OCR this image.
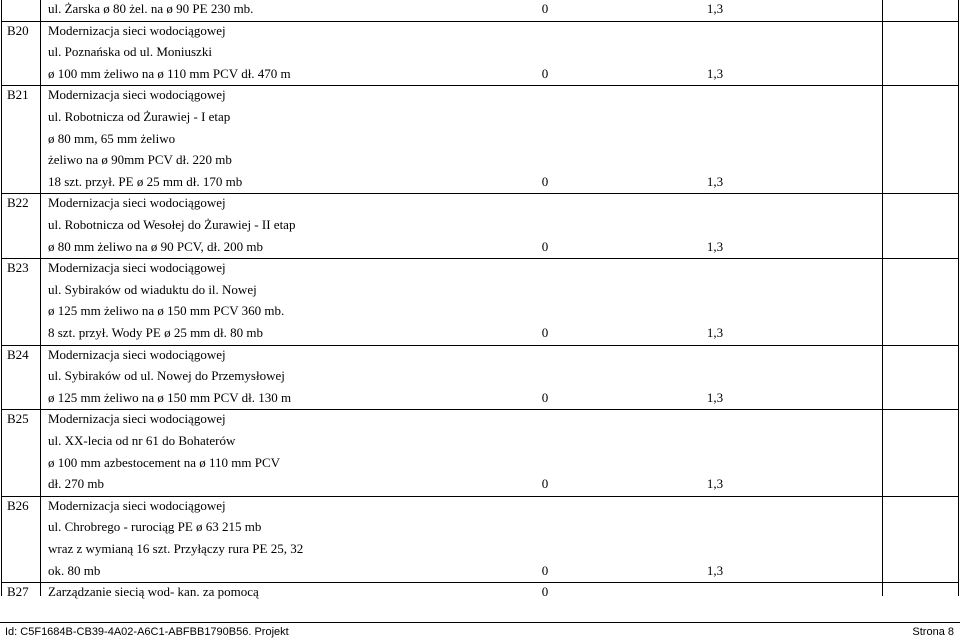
ul. Żarska ø 80 żel. na ø 90 PE 230 mb.	0	1,3
B20 Modernizacja sieci wodociągowej
ul. Poznańska od ul. Moniuszki
ø 100 mm żeliwo na ø 110 mm PCV dł. 470 m	0	1,3
B21 Modernizacja sieci wodociągowej
ul. Robotnicza od Żurawiej - I etap
ø 80 mm, 65 mm żeliwo
żeliwo na ø 90mm PCV dł. 220 mb
18 szt. przył. PE ø 25 mm dł. 170 mb	0	1,3
B22 Modernizacja sieci wodociągowej
ul. Robotnicza od Wesołej do Żurawiej - II etap
ø 80 mm żeliwo na ø 90 PCV, dł. 200 mb	0	1,3
B23 Modernizacja sieci wodociągowej
ul. Sybiraków od wiaduktu do il. Nowej
ø 125 mm żeliwo na ø 150 mm PCV 360 mb.
8 szt. przył. Wody PE ø 25 mm dł. 80 mb	0	1,3
B24 Modernizacja sieci wodociągowej
ul. Sybiraków od ul. Nowej do Przemysłowej
ø 125 mm żeliwo na ø 150 mm PCV dł. 130 m	0	1,3
B25 Modernizacja sieci wodociągowej
ul. XX-lecia od nr 61 do Bohaterów
ø 100 mm azbestocement na ø 110 mm PCV
dł. 270 mb	0	1,3
B26 Modernizacja sieci wodociągowej
ul. Chrobrego - rurociąg PE ø 63 215 mb
wraz z wymianą 16 szt. Przyłączy rura PE 25, 32
ok. 80 mb	0	1,3
B27 Zarządzanie siecią wod- kan. za pomocą	0
Id: C5F1684B-CB39-4A02-A6C1-ABFBB1790B56. Projekt	Strona 8
